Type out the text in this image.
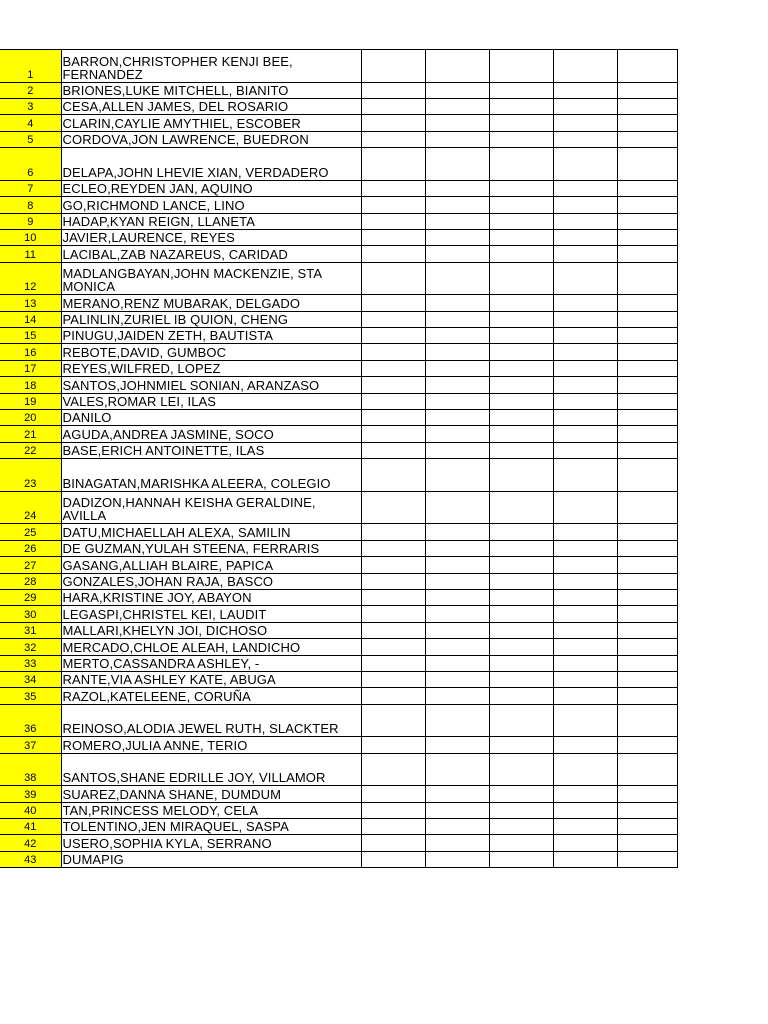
1	BARRON,CHRISTOPHER KENJI BEE,
FERNANDEZ					
2	BRIONES,LUKE MITCHELL, BIANITO					
3	CESA,ALLEN JAMES, DEL ROSARIO					
4	CLARIN,CAYLIE AMYTHIEL, ESCOBER					
5	CORDOVA,JON LAWRENCE, BUEDRON					
6	DELAPA,JOHN LHEVIE XIAN, VERDADERO					
7	ECLEO,REYDEN JAN, AQUINO					
8	GO,RICHMOND LANCE, LINO					
9	HADAP,KYAN REIGN, LLANETA					
10	JAVIER,LAURENCE, REYES					
11	LACIBAL,ZAB NAZAREUS, CARIDAD					
12	MADLANGBAYAN,JOHN MACKENZIE, STA
MONICA					
13	MERANO,RENZ MUBARAK, DELGADO					
14	PALINLIN,ZURIEL IB QUION, CHENG					
15	PINUGU,JAIDEN ZETH, BAUTISTA					
16	REBOTE,DAVID, GUMBOC					
17	REYES,WILFRED, LOPEZ					
18	SANTOS,JOHNMIEL SONIAN, ARANZASO					
19	VALES,ROMAR LEI, ILAS					
20	DANILO					
21	AGUDA,ANDREA JASMINE, SOCO					
22	BASE,ERICH ANTOINETTE, ILAS					
23	BINAGATAN,MARISHKA ALEERA, COLEGIO					
24	DADIZON,HANNAH KEISHA GERALDINE,
AVILLA					
25	DATU,MICHAELLAH ALEXA, SAMILIN					
26	DE GUZMAN,YULAH STEENA, FERRARIS					
27	GASANG,ALLIAH BLAIRE, PAPICA					
28	GONZALES,JOHAN RAJA, BASCO					
29	HARA,KRISTINE JOY, ABAYON					
30	LEGASPI,CHRISTEL KEI, LAUDIT					
31	MALLARI,KHELYN JOI, DICHOSO					
32	MERCADO,CHLOE ALEAH, LANDICHO					
33	MERTO,CASSANDRA ASHLEY, -					
34	RANTE,VIA ASHLEY KATE, ABUGA					
35	RAZOL,KATELEENE, CORUÑA					
36	REINOSO,ALODIA JEWEL RUTH, SLACKTER					
37	ROMERO,JULIA ANNE, TERIO					
38	SANTOS,SHANE EDRILLE JOY, VILLAMOR					
39	SUAREZ,DANNA SHANE, DUMDUM					
40	TAN,PRINCESS MELODY, CELA					
41	TOLENTINO,JEN MIRAQUEL, SASPA					
42	USERO,SOPHIA KYLA, SERRANO					
43	DUMAPIG					
